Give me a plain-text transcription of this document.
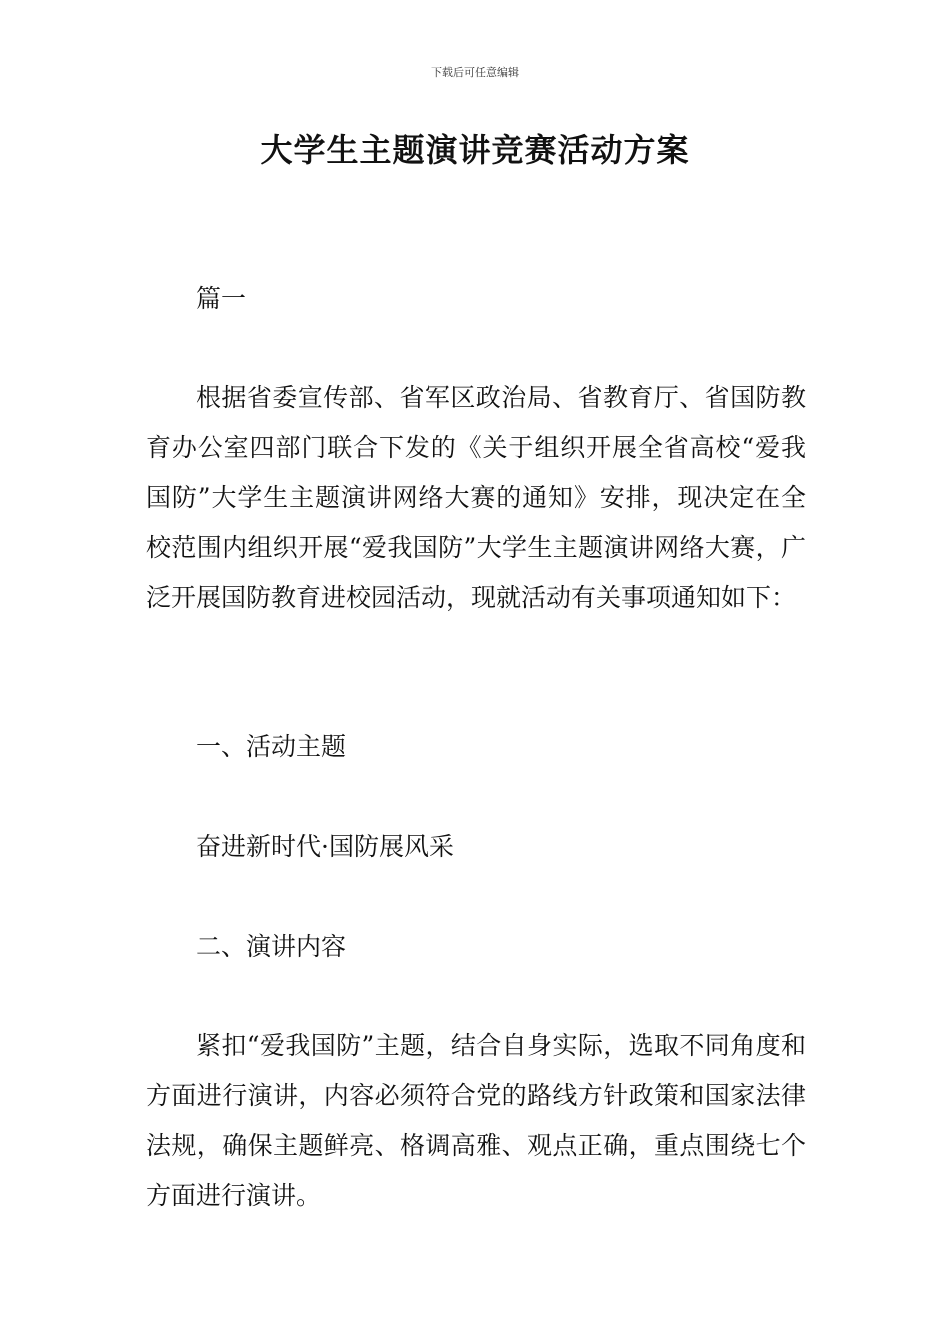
下载后可任意编辑
大学生主题演讲竞赛活动方案

篇一

根据省委宣传部、省军区政治局、省教育厅、省国防教育办公室四部门联合下发的《关于组织开展全省高校“爱我国防”大学生主题演讲网络大赛的通知》安排，现决定在全校范围内组织开展“爱我国防”大学生主题演讲网络大赛，广泛开展国防教育进校园活动，现就活动有关事项通知如下：

一、活动主题

奋进新时代·国防展风采

二、演讲内容

紧扣“爱我国防”主题，结合自身实际，选取不同角度和方面进行演讲，内容必须符合党的路线方针政策和国家法律法规，确保主题鲜亮、格调高雅、观点正确，重点围绕七个方面进行演讲。
